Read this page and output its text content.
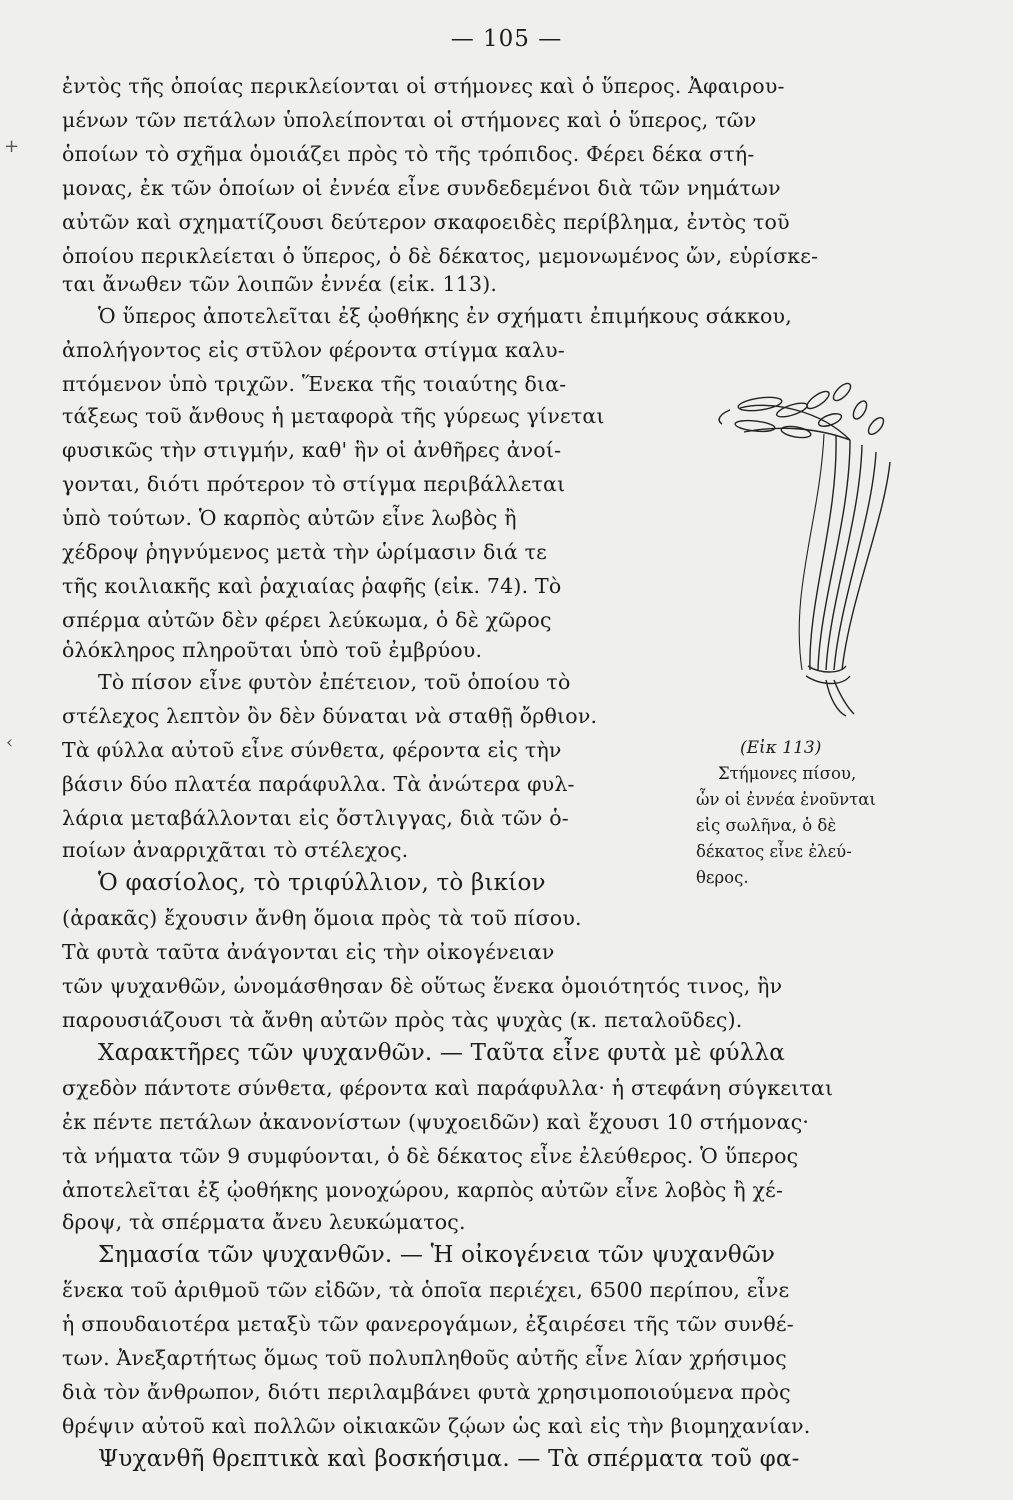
— 105 —
+
‹
ἐντὸς τῆς ὁποίας περικλείονται οἱ στήμονες καὶ ὁ ὕπερος. Ἀφαιρου-
μένων τῶν πετάλων ὑπολείπονται οἱ στήμονες καὶ ὁ ὕπερος, τῶν
ὁποίων τὸ σχῆμα ὁμοιάζει πρὸς τὸ τῆς τρόπιδος. Φέρει δέκα στή-
μονας, ἐκ τῶν ὁποίων οἱ ἐννέα εἶνε συνδεδεμένοι διὰ τῶν νημάτων
αὐτῶν καὶ σχηματίζουσι δεύτερον σκαφοειδὲς περίβλημα, ἐντὸς τοῦ
ὁποίου περικλείεται ὁ ὕπερος, ὁ δὲ δέκατος, μεμονωμένος ὤν, εὑρίσκε-
ται ἄνωθεν τῶν λοιπῶν ἐννέα (εἰκ. 113).
Ὁ ὕπερος ἀποτελεῖται ἐξ ᾠοθήκης ἐν σχήματι ἐπιμήκους σάκκου,
ἀπολήγοντος εἰς στῦλον φέροντα στίγμα καλυ-
πτόμενον ὑπὸ τριχῶν. Ἕνεκα τῆς τοιαύτης δια-
τάξεως τοῦ ἄνθους ἡ μεταφορὰ τῆς γύρεως γίνεται
φυσικῶς τὴν στιγμήν, καθ' ἣν οἱ ἀνθῆρες ἀνοί-
γονται, διότι πρότερον τὸ στίγμα περιβάλλεται
ὑπὸ τούτων. Ὁ καρπὸς αὐτῶν εἶνε λωβὸς ἢ
χέδροψ ῥηγνύμενος μετὰ τὴν ὡρίμασιν διά τε
τῆς κοιλιακῆς καὶ ῥαχιαίας ῥαφῆς (εἰκ. 74). Τὸ
σπέρμα αὐτῶν δὲν φέρει λεύκωμα, ὁ δὲ χῶρος
ὁλόκληρος πληροῦται ὑπὸ τοῦ ἐμβρύου.
Τὸ πίσον εἶνε φυτὸν ἐπέτειον, τοῦ ὁποίου τὸ
στέλεχος λεπτὸν ὂν δὲν δύναται νὰ σταθῇ ὄρθιον.
Τὰ φύλλα αὐτοῦ εἶνε σύνθετα, φέροντα εἰς τὴν
βάσιν δύο πλατέα παράφυλλα. Τὰ ἀνώτερα φυλ-
λάρια μεταβάλλονται εἰς ὄστλιγγας, διὰ τῶν ὁ-
ποίων ἀναρριχᾶται τὸ στέλεχος.
Ὁ φασίολος, τὸ τριφύλλιον, τὸ βικίον
(ἀρακᾶς) ἔχουσιν ἄνθη ὅμοια πρὸς τὰ τοῦ πίσου.
Τὰ φυτὰ ταῦτα ἀνάγονται εἰς τὴν οἰκογένειαν
τῶν ψυχανθῶν, ὠνομάσθησαν δὲ οὕτως ἕνεκα ὁμοιότητός τινος, ἣν
παρουσιάζουσι τὰ ἄνθη αὐτῶν πρὸς τὰς ψυχὰς (κ. πεταλοῦδες).
Χαρακτῆρες τῶν ψυχανθῶν. — Ταῦτα εἶνε φυτὰ μὲ φύλλα
σχεδὸν πάντοτε σύνθετα, φέροντα καὶ παράφυλλα· ἡ στεφάνη σύγκειται
ἐκ πέντε πετάλων ἀκανονίστων (ψυχοειδῶν) καὶ ἔχουσι 10 στήμονας·
τὰ νήματα τῶν 9 συμφύονται, ὁ δὲ δέκατος εἶνε ἐλεύθερος. Ὁ ὕπερος
ἀποτελεῖται ἐξ ᾠοθήκης μονοχώρου, καρπὸς αὐτῶν εἶνε λοβὸς ἢ χέ-
δροψ, τὰ σπέρματα ἄνευ λευκώματος.
Σημασία τῶν ψυχανθῶν. — Ἡ οἰκογένεια τῶν ψυχανθῶν
ἕνεκα τοῦ ἀριθμοῦ τῶν εἰδῶν, τὰ ὁποῖα περιέχει, 6500 περίπου, εἶνε
ἡ σπουδαιοτέρα μεταξὺ τῶν φανερογάμων, ἐξαιρέσει τῆς τῶν συνθέ-
των. Ἀνεξαρτήτως ὅμως τοῦ πολυπληθοῦς αὐτῆς εἶνε λίαν χρήσιμος
διὰ τὸν ἄνθρωπον, διότι περιλαμβάνει φυτὰ χρησιμοποιούμενα πρὸς
θρέψιν αὐτοῦ καὶ πολλῶν οἰκιακῶν ζῴων ὡς καὶ εἰς τὴν βιομηχανίαν.
Ψυχανθῆ θρεπτικὰ καὶ βοσκήσιμα. — Τὰ σπέρματα τοῦ φα-
(Εἰκ 113)
Στήμονες πίσου,
ὧν οἱ ἐννέα ἑνοῦνται
εἰς σωλῆνα, ὁ δὲ
δέκατος εἶνε ἐλεύ-
θερος.
